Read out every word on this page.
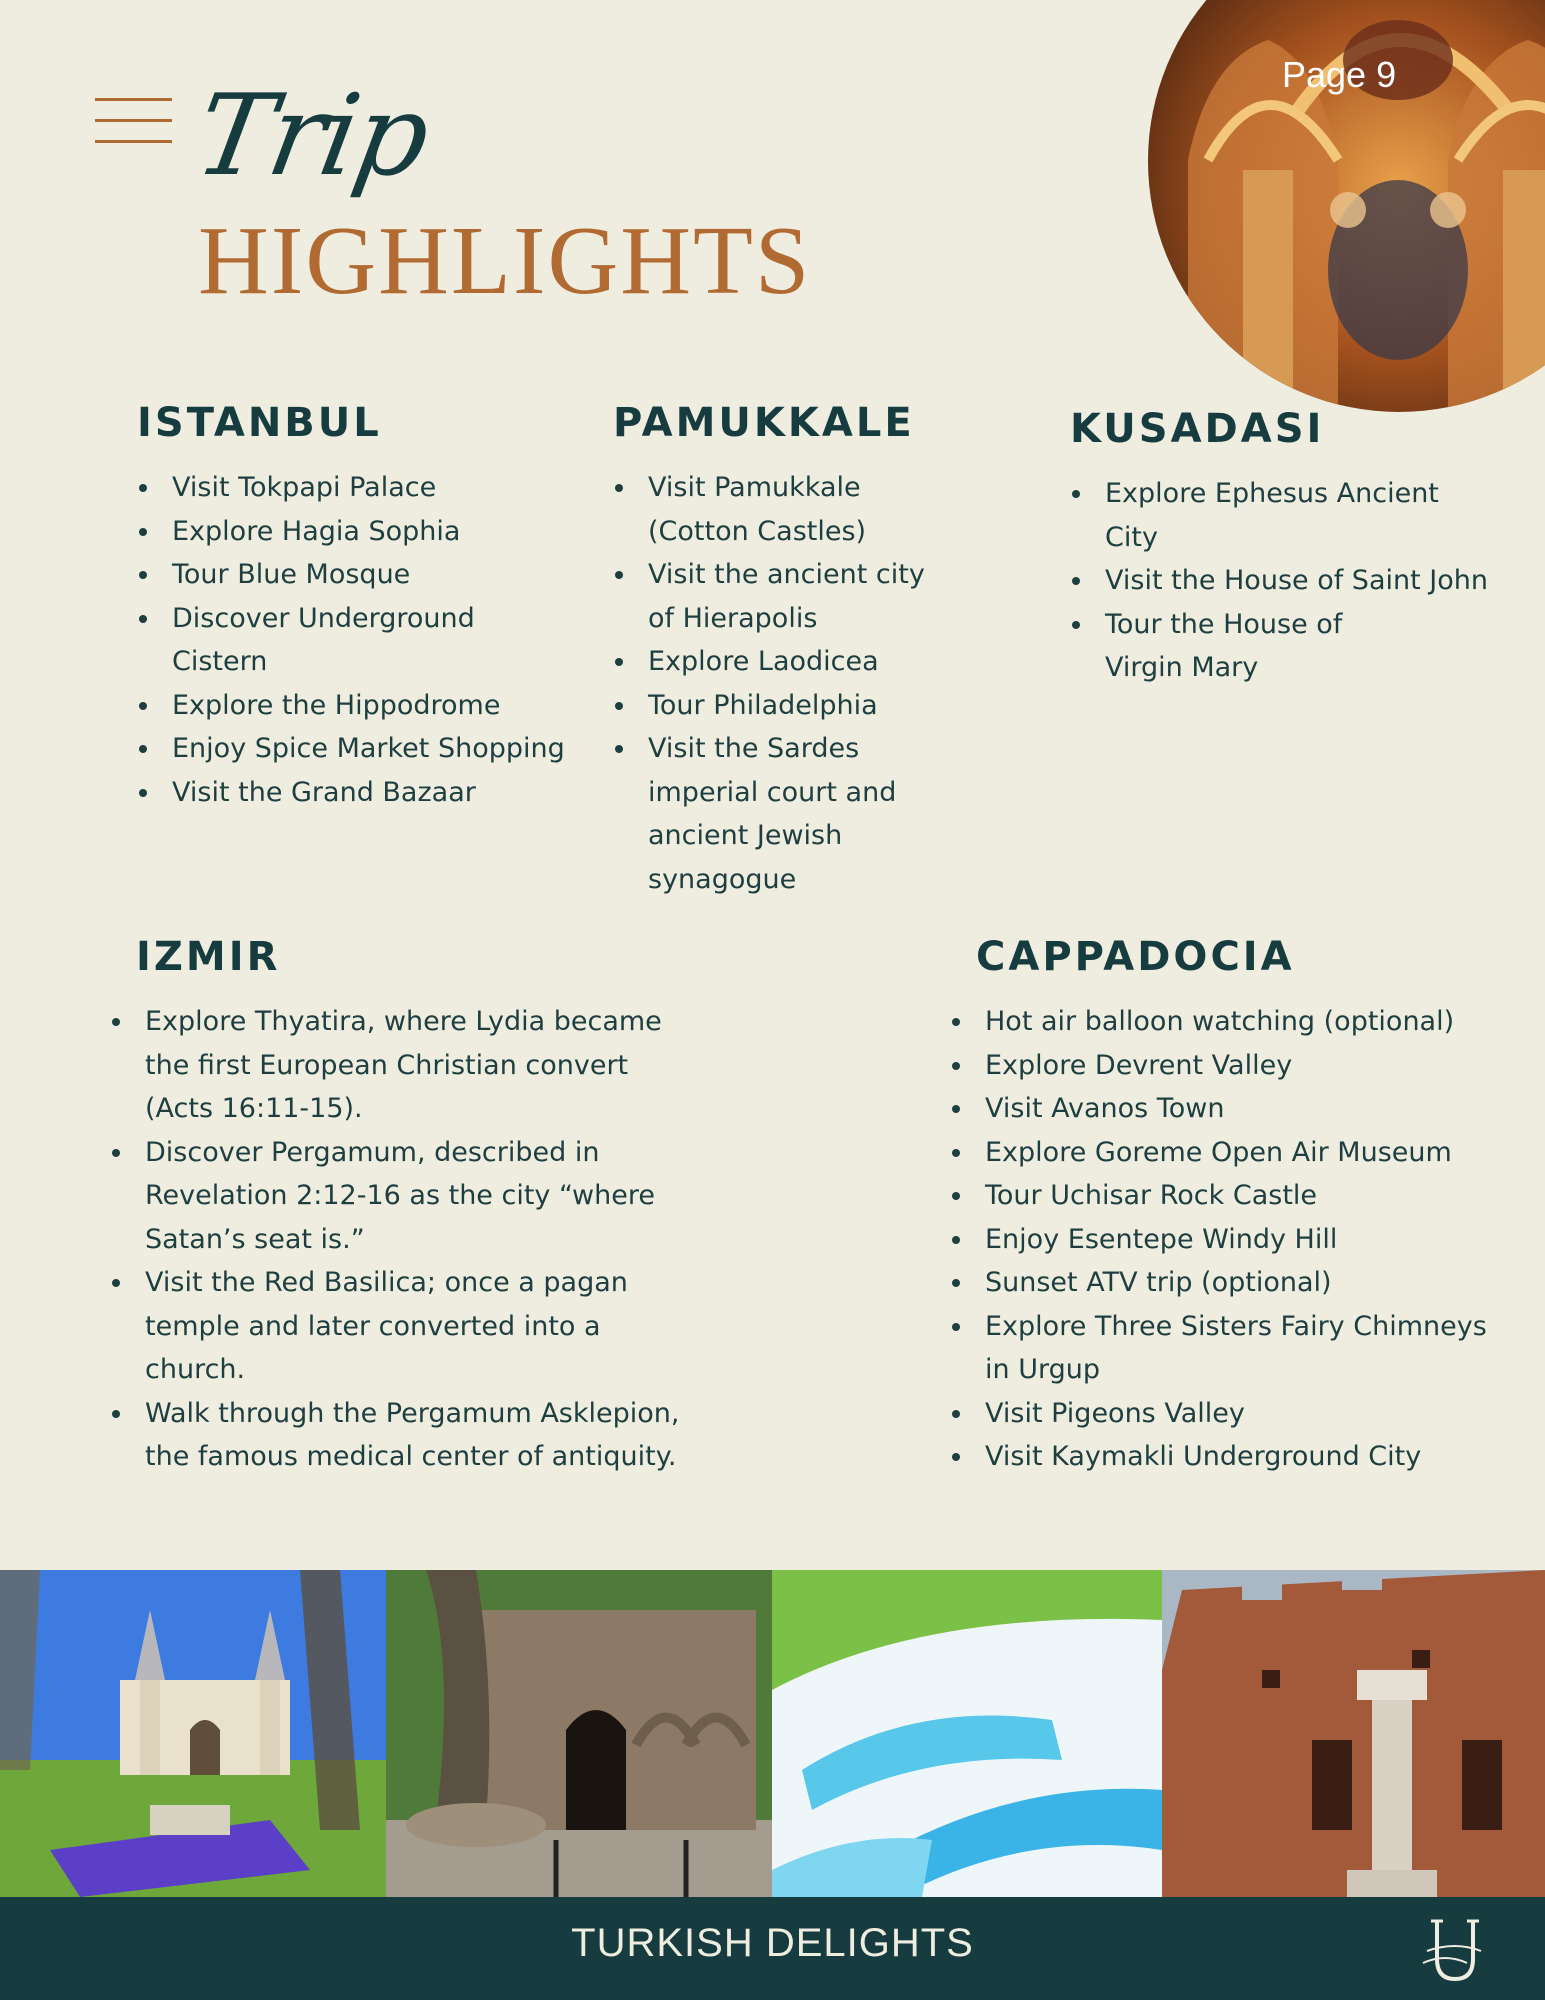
Trip
HIGHLIGHTS
Page 9
ISTANBUL
Visit Tokpapi Palace
Explore Hagia Sophia
Tour Blue Mosque
Discover Underground Cistern
Explore the Hippodrome
Enjoy Spice Market Shopping
Visit the Grand Bazaar
PAMUKKALE
Visit Pamukkale (Cotton Castles)
Visit the ancient city of Hierapolis
Explore Laodicea
Tour Philadelphia
Visit the Sardes imperial court and ancient Jewish synagogue
KUSADASI
Explore Ephesus Ancient City
Visit the House of Saint John
Tour the House of Virgin Mary
IZMIR
Explore Thyatira, where Lydia became the first European Christian convert (Acts 16:11-15).
Discover Pergamum, described in Revelation 2:12-16 as the city “where Satan’s seat is.”
Visit the Red Basilica; once a pagan temple and later converted into a church.
Walk through the Pergamum Asklepion, the famous medical center of antiquity.
CAPPADOCIA
Hot air balloon watching (optional)
Explore Devrent Valley
Visit Avanos Town
Explore Goreme Open Air Museum
Tour Uchisar Rock Castle
Enjoy Esentepe Windy Hill
Sunset ATV trip (optional)
Explore Three Sisters Fairy Chimneys in Urgup
Visit Pigeons Valley
Visit Kaymakli Underground City
TURKISH DELIGHTS
